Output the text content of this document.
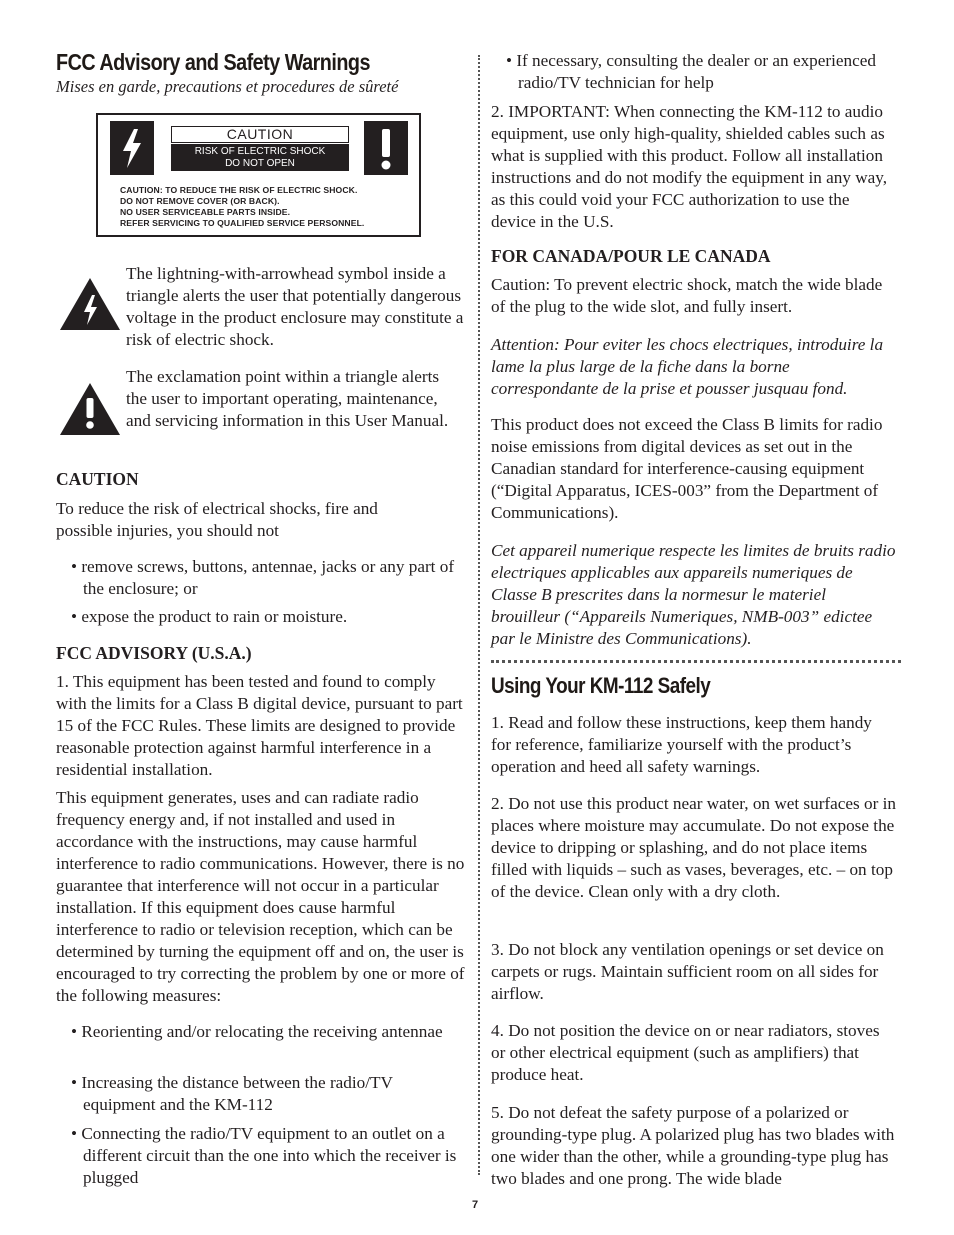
FCC Advisory and Safety Warnings
Mises en garde, precautions et procedures de sûreté
CAUTION
RISK OF ELECTRIC SHOCK
DO NOT OPEN
CAUTION: TO REDUCE THE RISK OF ELECTRIC SHOCK.
DO NOT REMOVE COVER (OR BACK).
NO USER SERVICEABLE PARTS INSIDE.
REFER SERVICING TO QUALIFIED SERVICE PERSONNEL.

The lightning-with-arrowhead symbol inside a triangle alerts the user that potentially dangerous voltage in the product enclosure may constitute a risk of electric shock.

The exclamation point within a triangle alerts the user to important operating, maintenance, and servicing information in this User Manual.

CAUTION

To reduce the risk of electrical shocks, fire and possible injuries, you should not

• remove screws, buttons, antennae, jacks or any part of the enclosure; or

• expose the product to rain or moisture.

FCC ADVISORY (U.S.A.)

1. This equipment has been tested and found to comply with the limits for a Class B digital device, pursuant to part 15 of the FCC Rules. These limits are designed to provide reasonable protection against harmful interference in a residential installation.

This equipment generates, uses and can radiate radio frequency energy and, if not installed and used in accordance with the instructions, may cause harmful interference to radio communications. However, there is no guarantee that interference will not occur in a particular installation. If this equipment does cause harmful interference to radio or television reception, which can be determined by turning the equipment off and on, the user is encouraged to try correcting the problem by one or more of the following measures:

• Reorienting and/or relocating the receiving antennae

• Increasing the distance between the radio/TV equipment and the KM-112

• Connecting the radio/TV equipment to an outlet on a different circuit than the one into which the receiver is plugged

• If necessary, consulting the dealer or an experienced radio/TV technician for help

2. IMPORTANT: When connecting the KM-112 to audio equipment, use only high-quality, shielded cables such as what is supplied with this product. Follow all installation instructions and do not modify the equipment in any way, as this could void your FCC authorization to use the device in the U.S.

FOR CANADA/POUR LE CANADA

Caution: To prevent electric shock, match the wide blade of the plug to the wide slot, and fully insert.

Attention: Pour eviter les chocs electriques, introduire la lame la plus large de la fiche dans la borne correspondante de la prise et pousser jusquau fond.

This product does not exceed the Class B limits for radio noise emissions from digital devices as set out in the Canadian standard for interference-causing equipment (“Digital Apparatus, ICES-003” from the Department of Communications).

Cet appareil numerique respecte les limites de bruits radio electriques applicables aux appareils numeriques de Classe B prescrites dans la normesur le materiel brouilleur (“Appareils Numeriques, NMB-003” edictee par le Ministre des Communications).

Using Your KM-112 Safely

1. Read and follow these instructions, keep them handy for reference, familiarize yourself with the product’s operation and heed all safety warnings.

2. Do not use this product near water, on wet surfaces or in places where moisture may accumulate. Do not expose the device to dripping or splashing, and do not place items filled with liquids – such as vases, beverages, etc. – on top of the device. Clean only with a dry cloth.

3. Do not block any ventilation openings or set device on carpets or rugs. Maintain sufficient room on all sides for airflow.

4. Do not position the device on or near radiators, stoves or other electrical equipment (such as amplifiers) that produce heat.

5. Do not defeat the safety purpose of a polarized or grounding-type plug. A polarized plug has two blades with one wider than the other, while a grounding-type plug has two blades and one prong. The wide blade

7
